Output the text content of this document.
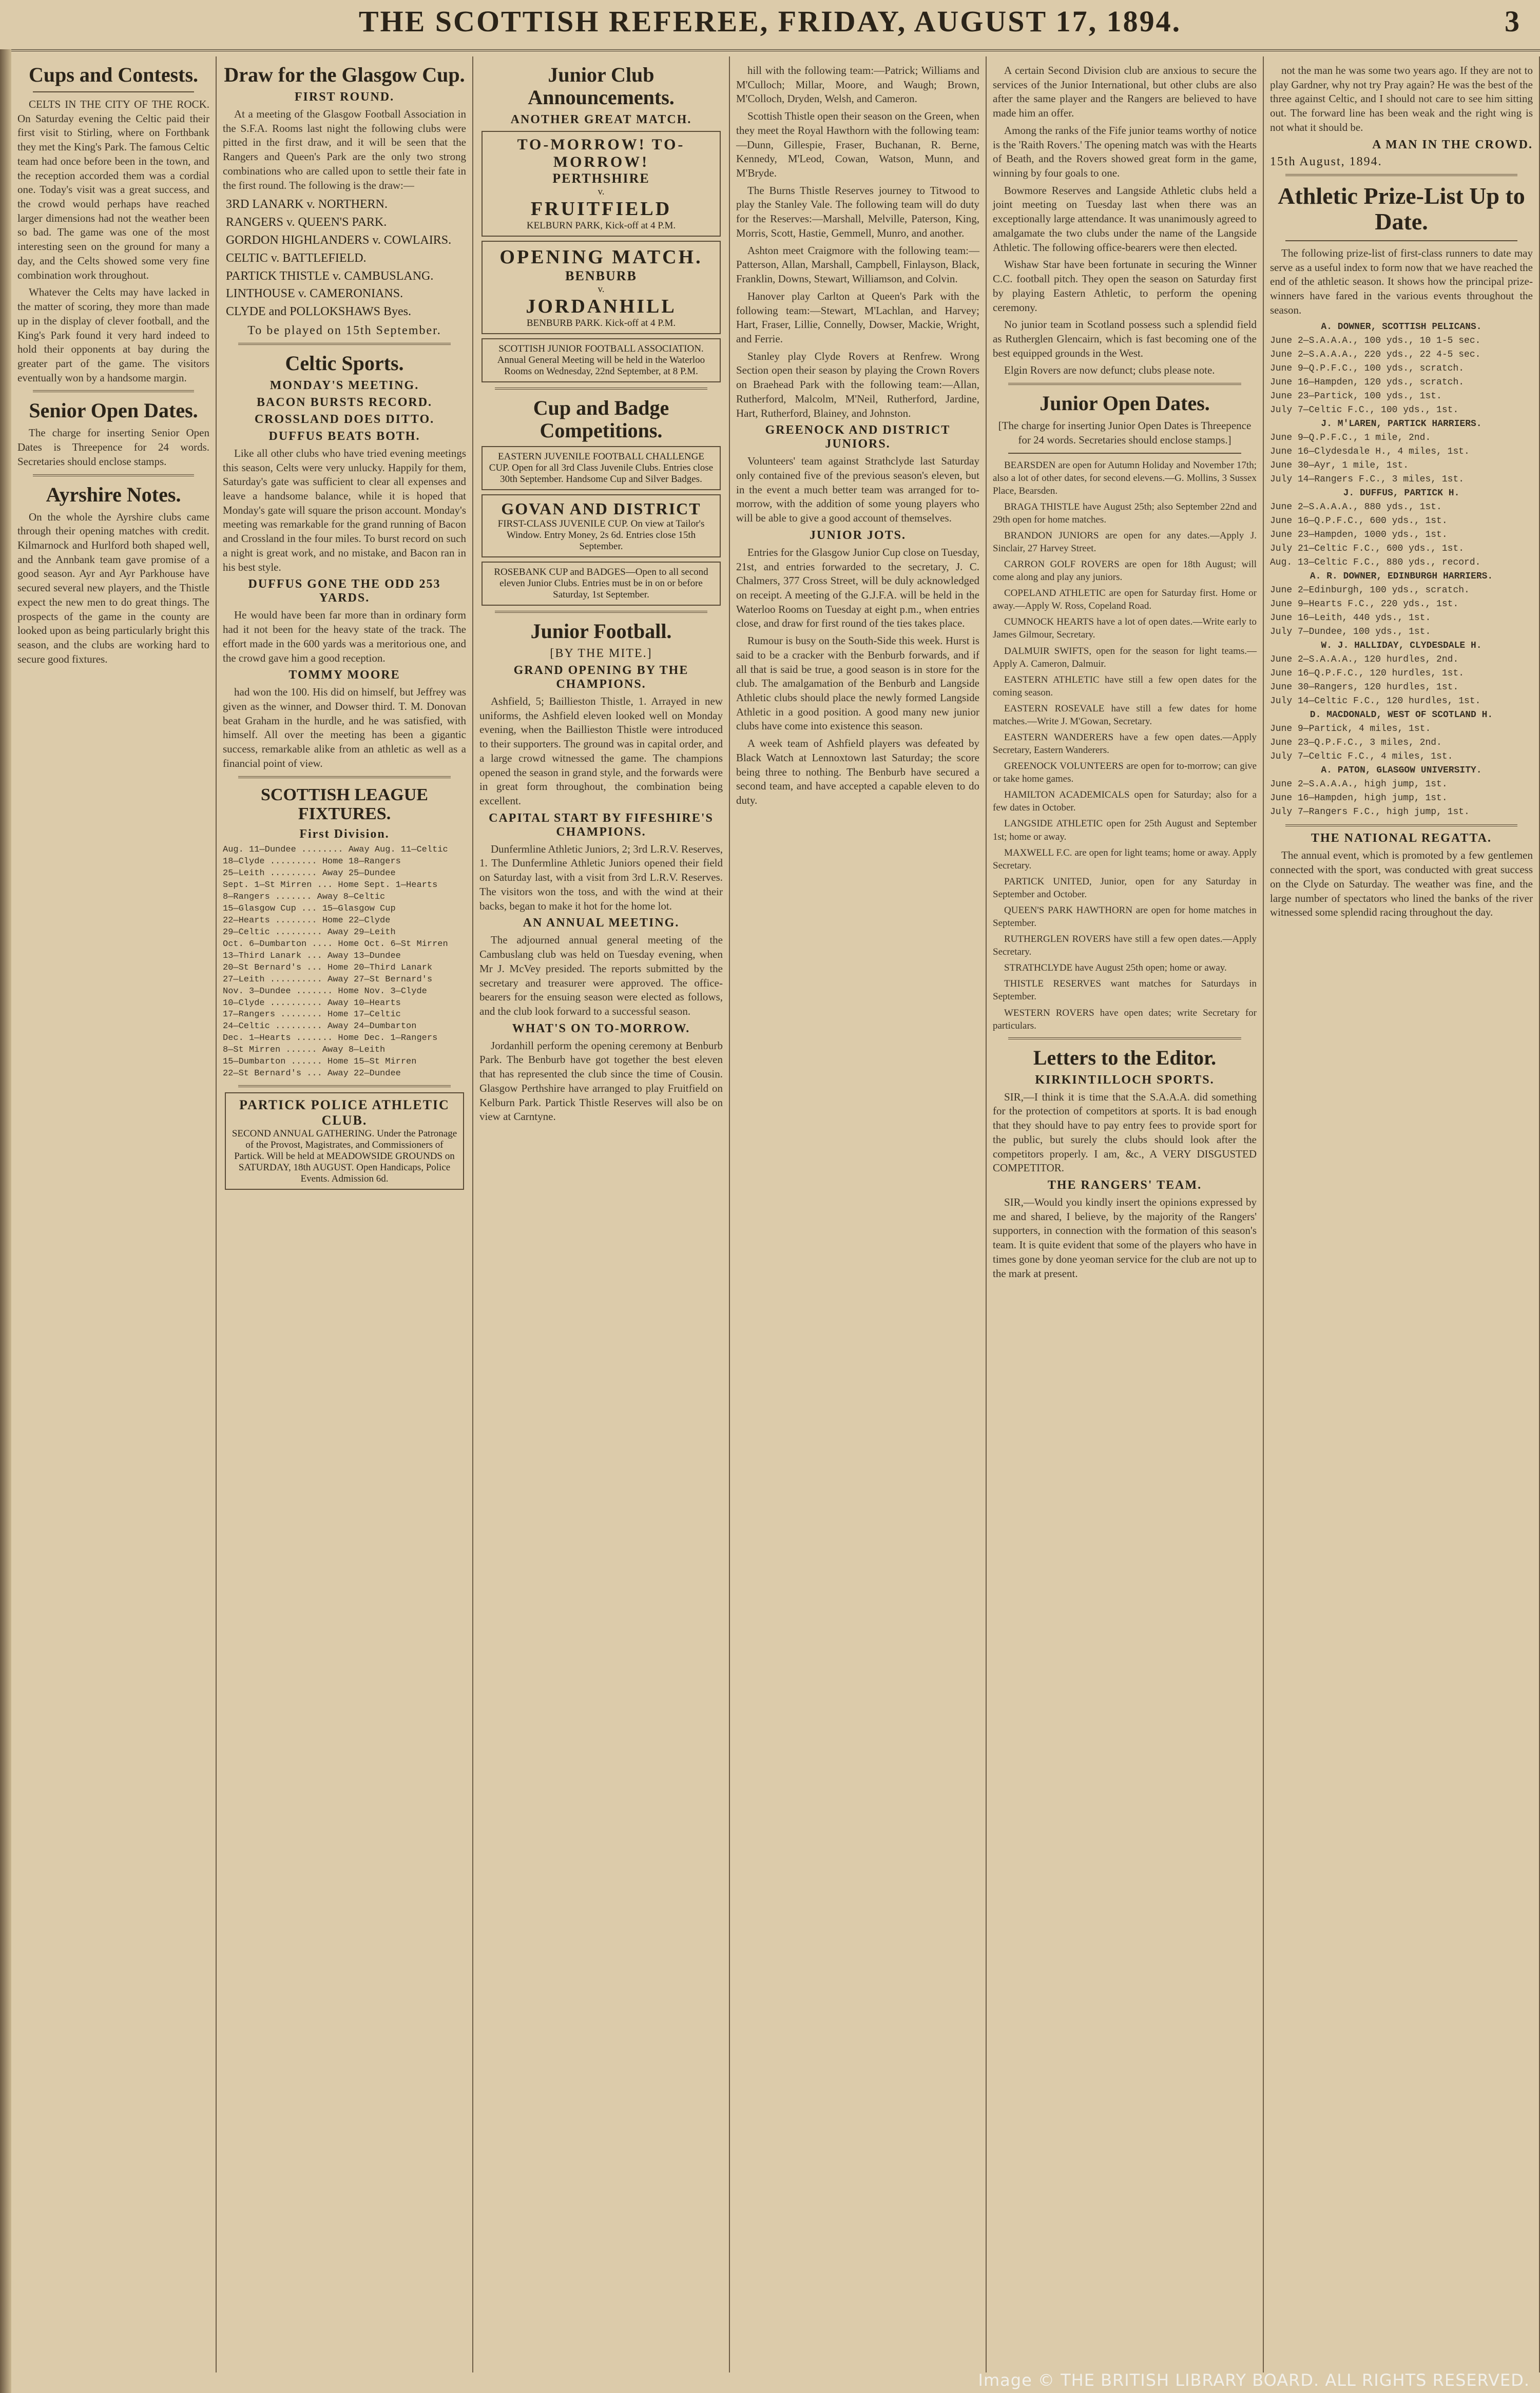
THE SCOTTISH REFEREE, FRIDAY, AUGUST 17, 1894.	3
Cups and Contests.

CELTS IN THE CITY OF THE ROCK. On Saturday evening the Celtic paid their first visit to Stirling, where on Forthbank they met the King's Park. The famous Celtic team had once before been in the town, and the reception accorded them was a cordial one. Today's visit was a great success, and the crowd would perhaps have reached larger dimensions had not the weather been so bad. The game was one of the most interesting seen on the ground for many a day, and the Celts showed some very fine combination work throughout.

Whatever the Celts may have lacked in the matter of scoring, they more than made up in the display of clever football, and the King's Park found it very hard indeed to hold their opponents at bay during the greater part of the game. The visitors eventually won by a handsome margin.

Senior Open Dates.

The charge for inserting Senior Open Dates is Threepence for 24 words. Secretaries should enclose stamps.

Ayrshire Notes.

On the whole the Ayrshire clubs came through their opening matches with credit. Kilmarnock and Hurlford both shaped well, and the Annbank team gave promise of a good season. Ayr and Ayr Parkhouse have secured several new players, and the Thistle expect the new men to do great things. The prospects of the game in the county are looked upon as being particularly bright this season, and the clubs are working hard to secure good fixtures.

Draw for the Glasgow Cup.
FIRST ROUND.

At a meeting of the Glasgow Football Association in the S.F.A. Rooms last night the following clubs were pitted in the first draw, and it will be seen that the Rangers and Queen's Park are the only two strong combinations who are called upon to settle their fate in the first round. The following is the draw:—

3RD LANARK v. NORTHERN.
RANGERS v. QUEEN'S PARK.
GORDON HIGHLANDERS v. COWLAIRS.
CELTIC v. BATTLEFIELD.
PARTICK THISTLE v. CAMBUSLANG.
LINTHOUSE v. CAMERONIANS.
CLYDE and POLLOKSHAWS Byes.
To be played on 15th September.
Celtic Sports.
MONDAY'S MEETING.
BACON BURSTS RECORD.
CROSSLAND DOES DITTO.
DUFFUS BEATS BOTH.

Like all other clubs who have tried evening meetings this season, Celts were very unlucky. Happily for them, Saturday's gate was sufficient to clear all expenses and leave a handsome balance, while it is hoped that Monday's gate will square the prison account. Monday's meeting was remarkable for the grand running of Bacon and Crossland in the four miles. To burst record on such a night is great work, and no mistake, and Bacon ran in his best style.

DUFFUS GONE THE ODD 253 YARDS.

He would have been far more than in ordinary form had it not been for the heavy state of the track. The effort made in the 600 yards was a meritorious one, and the crowd gave him a good reception.

TOMMY MOORE

had won the 100. His did on himself, but Jeffrey was given as the winner, and Dowser third. T. M. Donovan beat Graham in the hurdle, and he was satisfied, with himself. All over the meeting has been a gigantic success, remarkable alike from an athletic as well as a financial point of view.

SCOTTISH LEAGUE FIXTURES.
First Division.
Aug. 11—Dundee ........ Away Aug. 11—Celtic
18—Clyde ......... Home 18—Rangers
25—Leith ......... Away 25—Dundee
Sept. 1—St Mirren ... Home Sept. 1—Hearts
8—Rangers ....... Away 8—Celtic
15—Glasgow Cup ... 15—Glasgow Cup
22—Hearts ........ Home 22—Clyde
29—Celtic ......... Away 29—Leith
Oct. 6—Dumbarton .... Home Oct. 6—St Mirren
13—Third Lanark ... Away 13—Dundee
20—St Bernard's ... Home 20—Third Lanark
27—Leith .......... Away 27—St Bernard's
Nov. 3—Dundee ....... Home Nov. 3—Clyde
10—Clyde .......... Away 10—Hearts
17—Rangers ........ Home 17—Celtic
24—Celtic ......... Away 24—Dumbarton
Dec. 1—Hearts ....... Home Dec. 1—Rangers
8—St Mirren ...... Away 8—Leith
15—Dumbarton ...... Home 15—St Mirren
22—St Bernard's ... Away 22—Dundee
PARTICK POLICE ATHLETIC CLUB.
SECOND ANNUAL GATHERING. Under the Patronage of the Provost, Magistrates, and Commissioners of Partick. Will be held at MEADOWSIDE GROUNDS on SATURDAY, 18th AUGUST. Open Handicaps, Police Events. Admission 6d.
Junior Club Announcements.
ANOTHER GREAT MATCH.
TO-MORROW! TO-MORROW!
PERTHSHIRE
v.
FRUITFIELD
KELBURN PARK, Kick-off at 4 P.M.
OPENING MATCH.
BENBURB
v.
JORDANHILL
BENBURB PARK. Kick-off at 4 P.M.
SCOTTISH JUNIOR FOOTBALL ASSOCIATION. Annual General Meeting will be held in the Waterloo Rooms on Wednesday, 22nd September, at 8 P.M.
Cup and Badge Competitions.
EASTERN JUVENILE FOOTBALL CHALLENGE CUP. Open for all 3rd Class Juvenile Clubs. Entries close 30th September. Handsome Cup and Silver Badges.
GOVAN AND DISTRICT
FIRST-CLASS JUVENILE CUP. On view at Tailor's Window. Entry Money, 2s 6d. Entries close 15th September.
ROSEBANK CUP and BADGES—Open to all second eleven Junior Clubs. Entries must be in on or before Saturday, 1st September.
Junior Football.
[BY THE MITE.]
GRAND OPENING BY THE CHAMPIONS.

Ashfield, 5; Baillieston Thistle, 1. Arrayed in new uniforms, the Ashfield eleven looked well on Monday evening, when the Baillieston Thistle were introduced to their supporters. The ground was in capital order, and a large crowd witnessed the game. The champions opened the season in grand style, and the forwards were in great form throughout, the combination being excellent.

CAPITAL START BY FIFESHIRE'S CHAMPIONS.

Dunfermline Athletic Juniors, 2; 3rd L.R.V. Reserves, 1. The Dunfermline Athletic Juniors opened their field on Saturday last, with a visit from 3rd L.R.V. Reserves. The visitors won the toss, and with the wind at their backs, began to make it hot for the home lot.

AN ANNUAL MEETING.

The adjourned annual general meeting of the Cambuslang club was held on Tuesday evening, when Mr J. McVey presided. The reports submitted by the secretary and treasurer were approved. The office-bearers for the ensuing season were elected as follows, and the club look forward to a successful season.

WHAT'S ON TO-MORROW.

Jordanhill perform the opening ceremony at Benburb Park. The Benburb have got together the best eleven that has represented the club since the time of Cousin. Glasgow Perthshire have arranged to play Fruitfield on Kelburn Park. Partick Thistle Reserves will also be on view at Carntyne.

hill with the following team:—Patrick; Williams and M'Culloch; Millar, Moore, and Waugh; Brown, M'Colloch, Dryden, Welsh, and Cameron.

Scottish Thistle open their season on the Green, when they meet the Royal Hawthorn with the following team:—Dunn, Gillespie, Fraser, Buchanan, R. Berne, Kennedy, M'Leod, Cowan, Watson, Munn, and M'Bryde.

The Burns Thistle Reserves journey to Titwood to play the Stanley Vale. The following team will do duty for the Reserves:—Marshall, Melville, Paterson, King, Morris, Scott, Hastie, Gemmell, Munro, and another.

Ashton meet Craigmore with the following team:—Patterson, Allan, Marshall, Campbell, Finlayson, Black, Franklin, Downs, Stewart, Williamson, and Colvin.

Hanover play Carlton at Queen's Park with the following team:—Stewart, M'Lachlan, and Harvey; Hart, Fraser, Lillie, Connelly, Dowser, Mackie, Wright, and Ferrie.

Stanley play Clyde Rovers at Renfrew. Wrong Section open their season by playing the Crown Rovers on Braehead Park with the following team:—Allan, Rutherford, Malcolm, M'Neil, Rutherford, Jardine, Hart, Rutherford, Blainey, and Johnston.

GREENOCK AND DISTRICT JUNIORS.

Volunteers' team against Strathclyde last Saturday only contained five of the previous season's eleven, but in the event a much better team was arranged for to-morrow, with the addition of some young players who will be able to give a good account of themselves.

JUNIOR JOTS.

Entries for the Glasgow Junior Cup close on Tuesday, 21st, and entries forwarded to the secretary, J. C. Chalmers, 377 Cross Street, will be duly acknowledged on receipt. A meeting of the G.J.F.A. will be held in the Waterloo Rooms on Tuesday at eight p.m., when entries close, and draw for first round of the ties takes place.

Rumour is busy on the South-Side this week. Hurst is said to be a cracker with the Benburb forwards, and if all that is said be true, a good season is in store for the club. The amalgamation of the Benburb and Langside Athletic clubs should place the newly formed Langside Athletic in a good position. A good many new junior clubs have come into existence this season.

A week team of Ashfield players was defeated by Black Watch at Lennoxtown last Saturday; the score being three to nothing. The Benburb have secured a second team, and have accepted a capable eleven to do duty.

A certain Second Division club are anxious to secure the services of the Junior International, but other clubs are also after the same player and the Rangers are believed to have made him an offer.

Among the ranks of the Fife junior teams worthy of notice is the 'Raith Rovers.' The opening match was with the Hearts of Beath, and the Rovers showed great form in the game, winning by four goals to one.

Bowmore Reserves and Langside Athletic clubs held a joint meeting on Tuesday last when there was an exceptionally large attendance. It was unanimously agreed to amalgamate the two clubs under the name of the Langside Athletic. The following office-bearers were then elected.

Wishaw Star have been fortunate in securing the Winner C.C. football pitch. They open the season on Saturday first by playing Eastern Athletic, to perform the opening ceremony.

No junior team in Scotland possess such a splendid field as Rutherglen Glencairn, which is fast becoming one of the best equipped grounds in the West.

Elgin Rovers are now defunct; clubs please note.

Junior Open Dates.
[The charge for inserting Junior Open Dates is Threepence for 24 words. Secretaries should enclose stamps.]

BEARSDEN are open for Autumn Holiday and November 17th; also a lot of other dates, for second elevens.—G. Mollins, 3 Sussex Place, Bearsden.

BRAGA THISTLE have August 25th; also September 22nd and 29th open for home matches.

BRANDON JUNIORS are open for any dates.—Apply J. Sinclair, 27 Harvey Street.

CARRON GOLF ROVERS are open for 18th August; will come along and play any juniors.

COPELAND ATHLETIC are open for Saturday first. Home or away.—Apply W. Ross, Copeland Road.

CUMNOCK HEARTS have a lot of open dates.—Write early to James Gilmour, Secretary.

DALMUIR SWIFTS, open for the season for light teams.—Apply A. Cameron, Dalmuir.

EASTERN ATHLETIC have still a few open dates for the coming season.

EASTERN ROSEVALE have still a few dates for home matches.—Write J. M'Gowan, Secretary.

EASTERN WANDERERS have a few open dates.—Apply Secretary, Eastern Wanderers.

GREENOCK VOLUNTEERS are open for to-morrow; can give or take home games.

HAMILTON ACADEMICALS open for Saturday; also for a few dates in October.

LANGSIDE ATHLETIC open for 25th August and September 1st; home or away.

MAXWELL F.C. are open for light teams; home or away. Apply Secretary.

PARTICK UNITED, Junior, open for any Saturday in September and October.

QUEEN'S PARK HAWTHORN are open for home matches in September.

RUTHERGLEN ROVERS have still a few open dates.—Apply Secretary.

STRATHCLYDE have August 25th open; home or away.

THISTLE RESERVES want matches for Saturdays in September.

WESTERN ROVERS have open dates; write Secretary for particulars.

Letters to the Editor.
KIRKINTILLOCH SPORTS.

SIR,—I think it is time that the S.A.A.A. did something for the protection of competitors at sports. It is bad enough that they should have to pay entry fees to provide sport for the public, but surely the clubs should look after the competitors properly. I am, &c., A VERY DISGUSTED COMPETITOR.

THE RANGERS' TEAM.

SIR,—Would you kindly insert the opinions expressed by me and shared, I believe, by the majority of the Rangers' supporters, in connection with the formation of this season's team. It is quite evident that some of the players who have in times gone by done yeoman service for the club are not up to the mark at present.

not the man he was some two years ago. If they are not to play Gardner, why not try Pray again? He was the best of the three against Celtic, and I should not care to see him sitting out. The forward line has been weak and the right wing is not what it should be.

A MAN IN THE CROWD.
15th August, 1894.
Athletic Prize-List Up to Date.

The following prize-list of first-class runners to date may serve as a useful index to form now that we have reached the end of the athletic season. It shows how the principal prize-winners have fared in the various events throughout the season.

A. DOWNER, SCOTTISH PELICANS.
June 2—S.A.A.A., 100 yds., 10 1-5 sec.
June 2—S.A.A.A., 220 yds., 22 4-5 sec.
June 9—Q.P.F.C., 100 yds., scratch.
June 16—Hampden, 120 yds., scratch.
June 23—Partick, 100 yds., 1st.
July 7—Celtic F.C., 100 yds., 1st.
J. M'LAREN, PARTICK HARRIERS.
June 9—Q.P.F.C., 1 mile, 2nd.
June 16—Clydesdale H., 4 miles, 1st.
June 30—Ayr, 1 mile, 1st.
July 14—Rangers F.C., 3 miles, 1st.
J. DUFFUS, PARTICK H.
June 2—S.A.A.A., 880 yds., 1st.
June 16—Q.P.F.C., 600 yds., 1st.
June 23—Hampden, 1000 yds., 1st.
July 21—Celtic F.C., 600 yds., 1st.
Aug. 13—Celtic F.C., 880 yds., record.
A. R. DOWNER, EDINBURGH HARRIERS.
June 2—Edinburgh, 100 yds., scratch.
June 9—Hearts F.C., 220 yds., 1st.
June 16—Leith, 440 yds., 1st.
July 7—Dundee, 100 yds., 1st.
W. J. HALLIDAY, CLYDESDALE H.
June 2—S.A.A.A., 120 hurdles, 2nd.
June 16—Q.P.F.C., 120 hurdles, 1st.
June 30—Rangers, 120 hurdles, 1st.
July 14—Celtic F.C., 120 hurdles, 1st.
D. MACDONALD, WEST OF SCOTLAND H.
June 9—Partick, 4 miles, 1st.
June 23—Q.P.F.C., 3 miles, 2nd.
July 7—Celtic F.C., 4 miles, 1st.
A. PATON, GLASGOW UNIVERSITY.
June 2—S.A.A.A., high jump, 1st.
June 16—Hampden, high jump, 1st.
July 7—Rangers F.C., high jump, 1st.
THE NATIONAL REGATTA.

The annual event, which is promoted by a few gentlemen connected with the sport, was conducted with great success on the Clyde on Saturday. The weather was fine, and the large number of spectators who lined the banks of the river witnessed some splendid racing throughout the day.

Image © THE BRITISH LIBRARY BOARD. ALL RIGHTS RESERVED.
